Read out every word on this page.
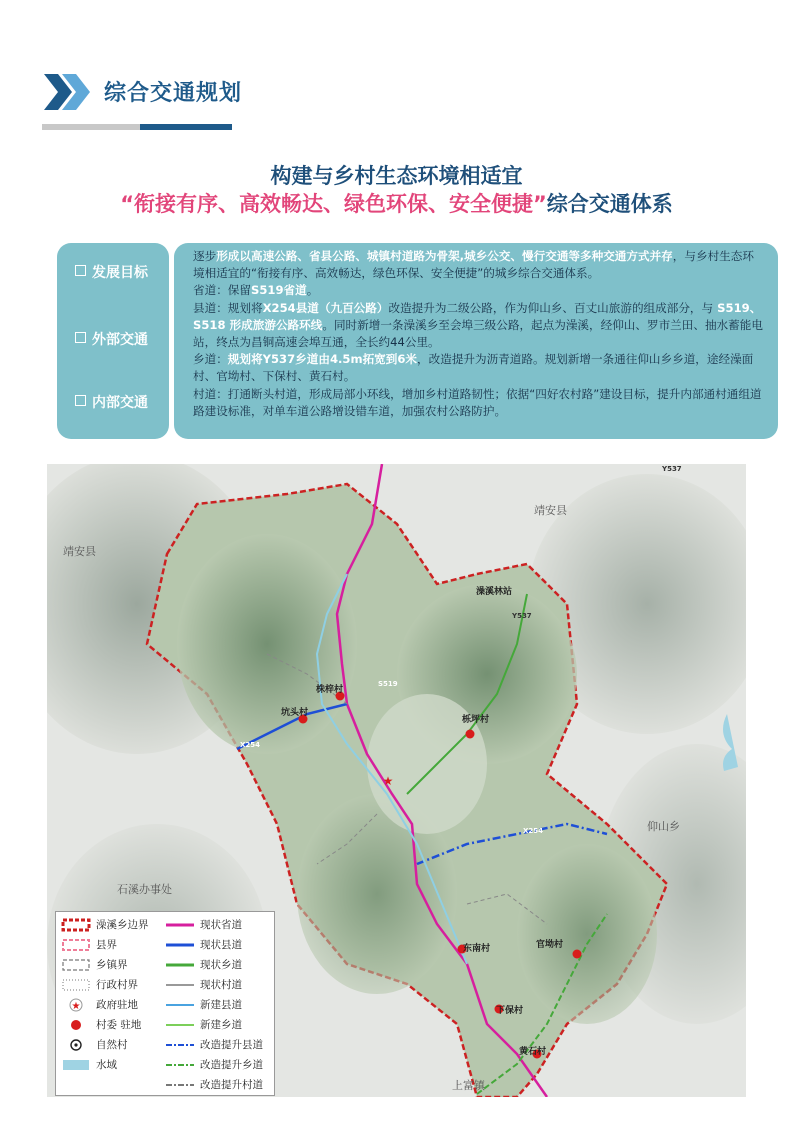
综合交通规划
构建与乡村生态环境相适宜
“衔接有序、高效畅达、绿色环保、安全便捷”综合交通体系
发展目标
外部交通
内部交通

逐步形成以高速公路、省县公路、城镇村道路为骨架,城乡公交、慢行交通等多种交通方式并存，与乡村生态环境相适宜的“衔接有序、高效畅达，绿色环保、安全便捷”的城乡综合交通体系。

省道：保留S519省道。

县道：规划将X254县道（九百公路）改造提升为二级公路，作为仰山乡、百丈山旅游的组成部分，与 S519、 S518 形成旅游公路环线。同时新增一条澡溪乡至会埠三级公路，起点为澡溪，经仰山、罗市兰田、抽水蓄能电站，终点为昌铜高速会埠互通，全长约44公里。

乡道：规划将Y537乡道由4.5m拓宽到6米，改造提升为沥青道路。规划新增一条通往仰山乡乡道，途经澡面村、官坳村、下保村、黄石村。

村道：打通断头村道，形成局部小环线，增加乡村道路韧性；依据“四好农村路”建设目标，提升内部通村通组道路建设标准，对单车道公路增设错车道，加强农村公路防护。

★
靖安县
靖安县
仰山乡
石溪办事处
上富镇
株梓村
坑头村
栎坪村
东南村	官坳村
下保村
黄石村
澡溪林站
S519
X254
X254
Y537
Y537
澡溪乡边界
县界
乡镇界
行政村界
★ 政府驻地
村委 驻地
自然村
水域
现状省道
现状县道
现状乡道
现状村道
新建县道
新建乡道
改造提升县道
改造提升乡道
改造提升村道
